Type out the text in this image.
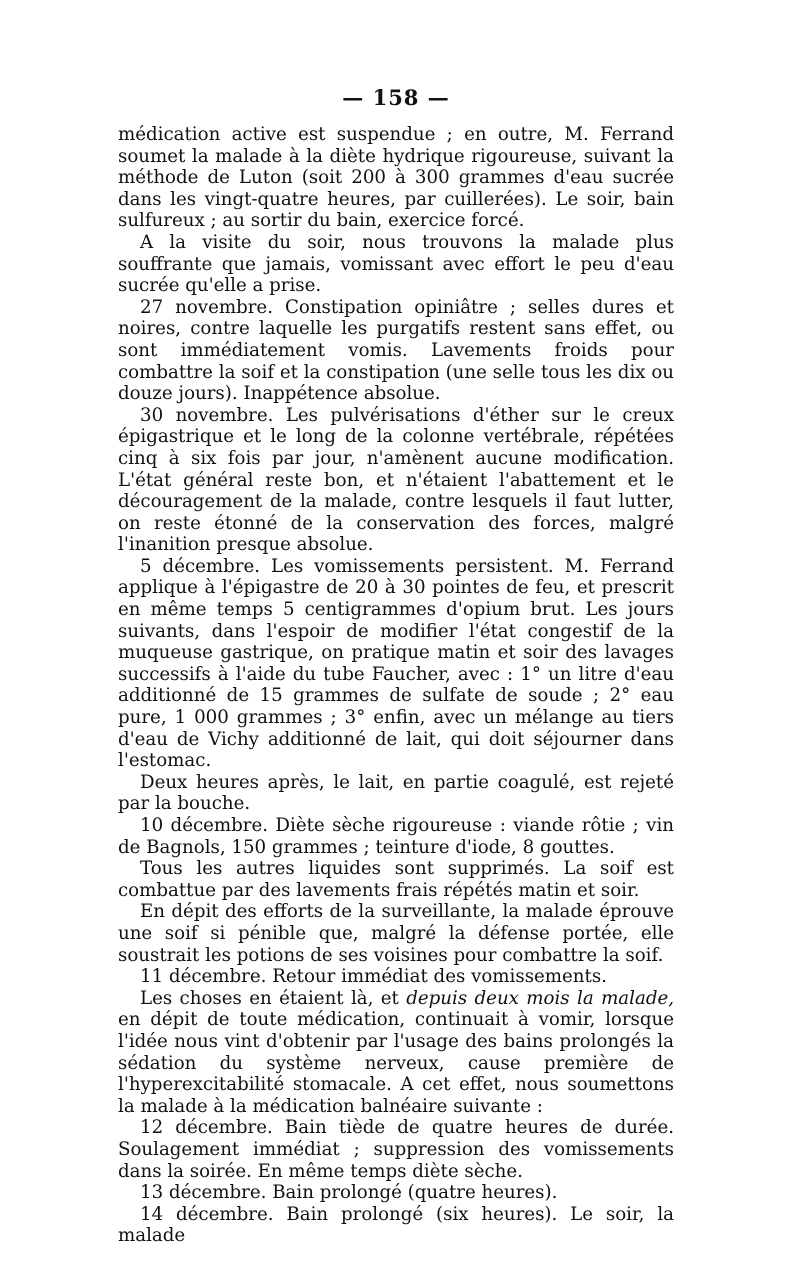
— 158 —

médication active est suspendue ; en outre, M. Ferrand soumet la malade à la diète hydrique rigoureuse, suivant la méthode de Luton (soit 200 à 300 grammes d'eau sucrée dans les vingt-quatre heures, par cuillerées). Le soir, bain sulfureux ; au sortir du bain, exercice forcé.

A la visite du soir, nous trouvons la malade plus souffrante que jamais, vomissant avec effort le peu d'eau sucrée qu'elle a prise.

27 novembre. Constipation opiniâtre ; selles dures et noires, contre laquelle les purgatifs restent sans effet, ou sont immédiatement vomis. Lavements froids pour combattre la soif et la constipation (une selle tous les dix ou douze jours). Inappétence absolue.

30 novembre. Les pulvérisations d'éther sur le creux épigastrique et le long de la colonne vertébrale, répétées cinq à six fois par jour, n'amènent aucune modification. L'état général reste bon, et n'étaient l'abattement et le découragement de la malade, contre lesquels il faut lutter, on reste étonné de la conservation des forces, malgré l'inanition presque absolue.

5 décembre. Les vomissements persistent. M. Ferrand applique à l'épigastre de 20 à 30 pointes de feu, et prescrit en même temps 5 centigrammes d'opium brut. Les jours suivants, dans l'espoir de modifier l'état congestif de la muqueuse gastrique, on pratique matin et soir des lavages successifs à l'aide du tube Faucher, avec : 1° un litre d'eau additionné de 15 grammes de sulfate de soude ; 2° eau pure, 1 000 grammes ; 3° enfin, avec un mélange au tiers d'eau de Vichy additionné de lait, qui doit séjourner dans l'estomac.

Deux heures après, le lait, en partie coagulé, est rejeté par la bouche.

10 décembre. Diète sèche rigoureuse : viande rôtie ; vin de Bagnols, 150 grammes ; teinture d'iode, 8 gouttes.

Tous les autres liquides sont supprimés. La soif est combattue par des lavements frais répétés matin et soir.

En dépit des efforts de la surveillante, la malade éprouve une soif si pénible que, malgré la défense portée, elle soustrait les potions de ses voisines pour combattre la soif.

11 décembre. Retour immédiat des vomissements.

Les choses en étaient là, et depuis deux mois la malade, en dépit de toute médication, continuait à vomir, lorsque l'idée nous vint d'obtenir par l'usage des bains prolongés la sédation du système nerveux, cause première de l'hyperexcitabilité stomacale. A cet effet, nous soumettons la malade à la médication balnéaire suivante :

12 décembre. Bain tiède de quatre heures de durée. Soulagement immédiat ; suppression des vomissements dans la soirée. En même temps diète sèche.

13 décembre. Bain prolongé (quatre heures).

14 décembre. Bain prolongé (six heures). Le soir, la malade
